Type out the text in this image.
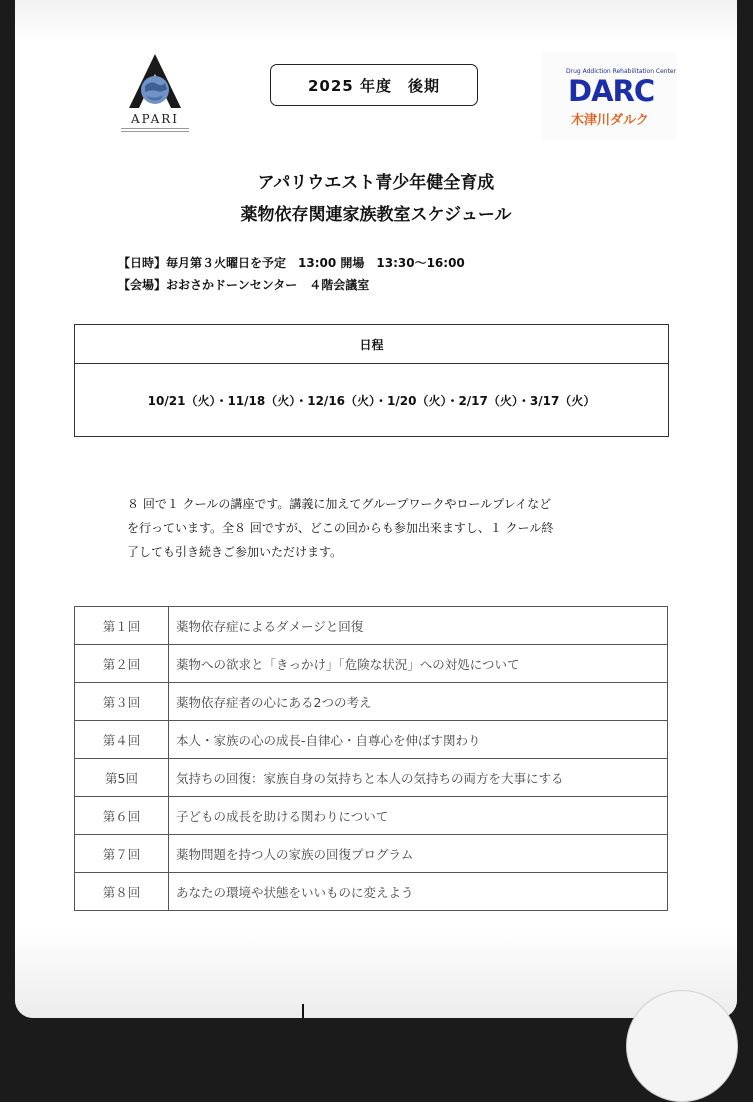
APARI
2025 年度　後期
Drug Addiction Rehabilitation Center
DARC
木津川ダルク
アパリウエスト青少年健全育成
薬物依存関連家族教室スケジュール
【日時】毎月第３火曜日を予定　13:00 開場　13:30〜16:00
【会場】おおさかドーンセンター　４階会議室
日程
10/21（火）・11/18（火）・12/16（火）・1/20（火）・2/17（火）・3/17（火）
８ 回で１ クールの講座です。講義に加えてグループワークやロールプレイなど
を行っています。全８ 回ですが、どこの回からも参加出来ますし、１ クール終
了しても引き続きご参加いただけます。
第１回	薬物依存症によるダメージと回復
第２回	薬物への欲求と「きっかけ」「危険な状況」への対処について
第３回	薬物依存症者の心にある2つの考え
第４回	本人・家族の心の成長-自律心・自尊心を伸ばす関わり
第5回	気持ちの回復：家族自身の気持ちと本人の気持ちの両方を大事にする
第６回	子どもの成長を助ける関わりについて
第７回	薬物問題を持つ人の家族の回復プログラム
第８回	あなたの環境や状態をいいものに変えよう
